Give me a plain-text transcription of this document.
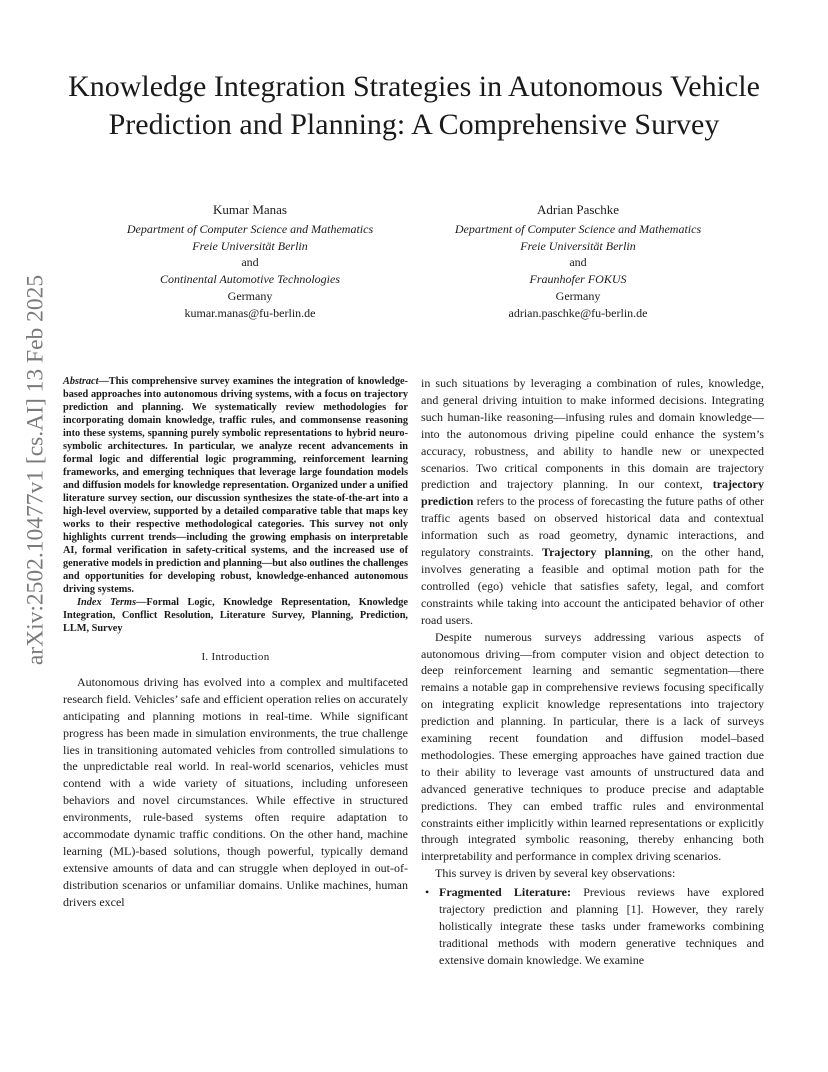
arXiv:2502.10477v1 [cs.AI] 13 Feb 2025
Knowledge Integration Strategies in Autonomous Vehicle Prediction and Planning: A Comprehensive Survey
Kumar Manas
Department of Computer Science and Mathematics
Freie Universität Berlin
and
Continental Automotive Technologies
Germany
kumar.manas@fu-berlin.de
Adrian Paschke
Department of Computer Science and Mathematics
Freie Universität Berlin
and
Fraunhofer FOKUS
Germany
adrian.paschke@fu-berlin.de

Abstract—This comprehensive survey examines the integration of knowledge-based approaches into autonomous driving systems, with a focus on trajectory prediction and planning. We systematically review methodologies for incorporating domain knowledge, traffic rules, and commonsense reasoning into these systems, spanning purely symbolic representations to hybrid neuro-symbolic architectures. In particular, we analyze recent advancements in formal logic and differential logic programming, reinforcement learning frameworks, and emerging techniques that leverage large foundation models and diffusion models for knowledge representation. Organized under a unified literature survey section, our discussion synthesizes the state-of-the-art into a high-level overview, supported by a detailed comparative table that maps key works to their respective methodological categories. This survey not only highlights current trends—including the growing emphasis on interpretable AI, formal verification in safety-critical systems, and the increased use of generative models in prediction and planning—but also outlines the challenges and opportunities for developing robust, knowledge-enhanced autonomous driving systems.

Index Terms—Formal Logic, Knowledge Representation, Knowledge Integration, Conflict Resolution, Literature Survey, Planning, Prediction, LLM, Survey

I. Introduction

Autonomous driving has evolved into a complex and multifaceted research field. Vehicles’ safe and efficient operation relies on accurately anticipating and planning motions in real-time. While significant progress has been made in simulation environments, the true challenge lies in transitioning automated vehicles from controlled simulations to the unpredictable real world. In real-world scenarios, vehicles must contend with a wide variety of situations, including unforeseen behaviors and novel circumstances. While effective in structured environments, rule-based systems often require adaptation to accommodate dynamic traffic conditions. On the other hand, machine learning (ML)-based solutions, though powerful, typically demand extensive amounts of data and can struggle when deployed in out-of-distribution scenarios or unfamiliar domains. Unlike machines, human drivers excel

in such situations by leveraging a combination of rules, knowledge, and general driving intuition to make informed decisions. Integrating such human-like reasoning—infusing rules and domain knowledge—into the autonomous driving pipeline could enhance the system’s accuracy, robustness, and ability to handle new or unexpected scenarios. Two critical components in this domain are trajectory prediction and trajectory planning. In our context, trajectory prediction refers to the process of forecasting the future paths of other traffic agents based on observed historical data and contextual information such as road geometry, dynamic interactions, and regulatory constraints. Trajectory planning, on the other hand, involves generating a feasible and optimal motion path for the controlled (ego) vehicle that satisfies safety, legal, and comfort constraints while taking into account the anticipated behavior of other road users.

Despite numerous surveys addressing various aspects of autonomous driving—from computer vision and object detection to deep reinforcement learning and semantic segmentation—there remains a notable gap in comprehensive reviews focusing specifically on integrating explicit knowledge representations into trajectory prediction and planning. In particular, there is a lack of surveys examining recent foundation and diffusion model–based methodologies. These emerging approaches have gained traction due to their ability to leverage vast amounts of unstructured data and advanced generative techniques to produce precise and adaptable predictions. They can embed traffic rules and environmental constraints either implicitly within learned representations or explicitly through integrated symbolic reasoning, thereby enhancing both interpretability and performance in complex driving scenarios.

This survey is driven by several key observations:

• Fragmented Literature: Previous reviews have explored trajectory prediction and planning [1]. However, they rarely holistically integrate these tasks under frameworks combining traditional methods with modern generative techniques and extensive domain knowledge. We examine
